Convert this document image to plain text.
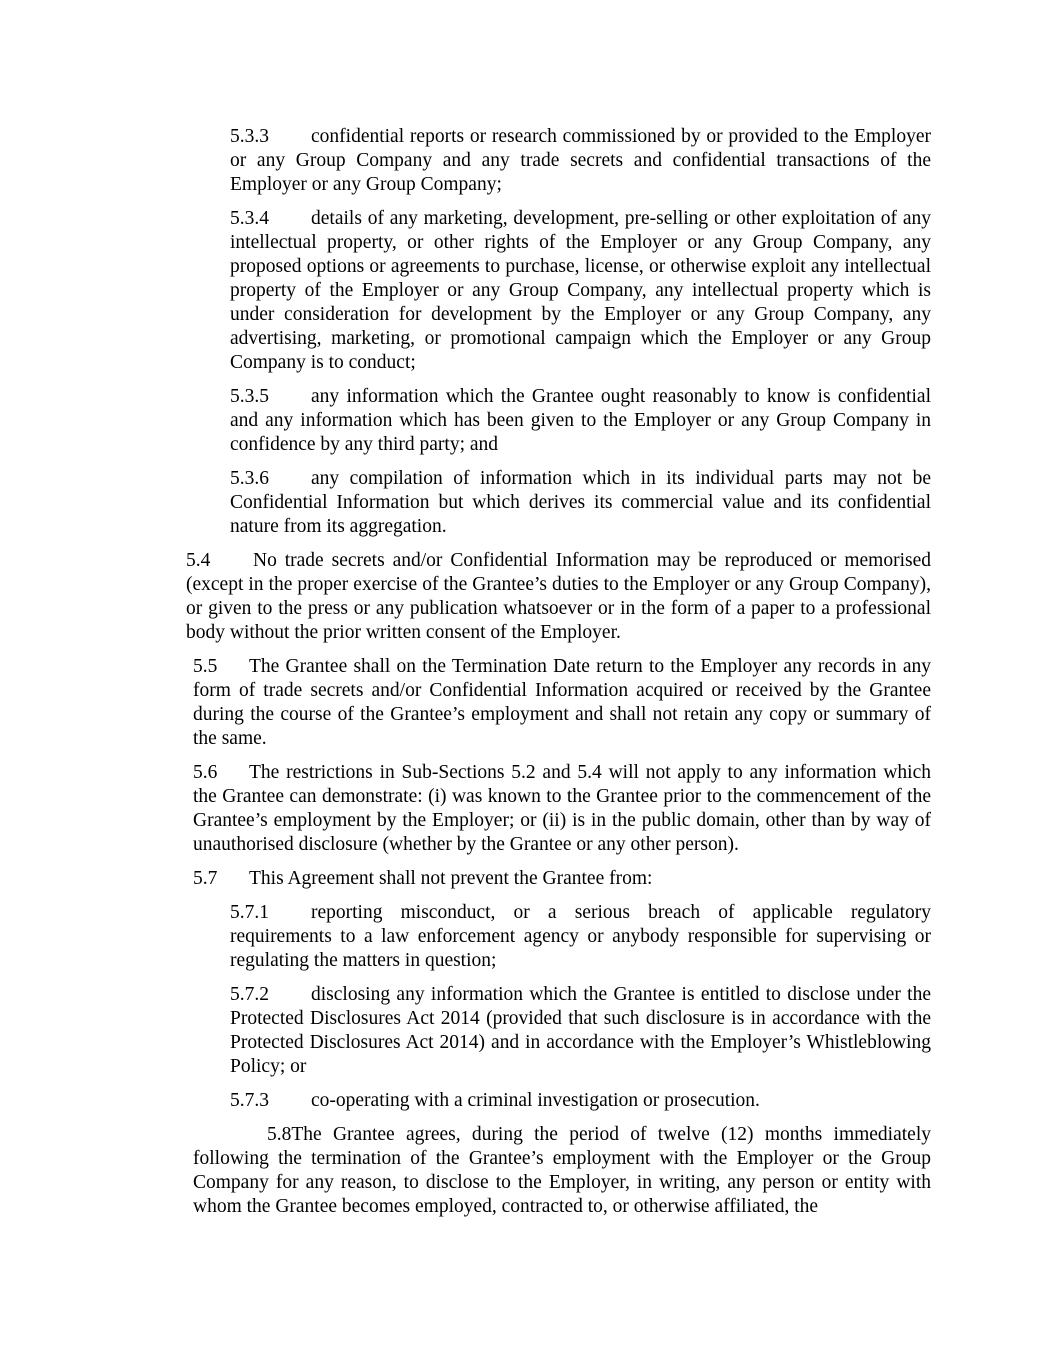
5.3.3 confidential reports or research commissioned by or provided to the Employer or any Group Company and any trade secrets and confidential transactions of the Employer or any Group Company;

5.3.4 details of any marketing, development, pre-selling or other exploitation of any intellectual property, or other rights of the Employer or any Group Company, any proposed options or agreements to purchase, license, or otherwise exploit any intellectual property of the Employer or any Group Company, any intellectual property which is under consideration for development by the Employer or any Group Company, any advertising, marketing, or promotional campaign which the Employer or any Group Company is to conduct;

5.3.5 any information which the Grantee ought reasonably to know is confidential and any information which has been given to the Employer or any Group Company in confidence by any third party; and

5.3.6 any compilation of information which in its individual parts may not be Confidential Information but which derives its commercial value and its confidential nature from its aggregation.

5.4 No trade secrets and/or Confidential Information may be reproduced or memorised (except in the proper exercise of the Grantee’s duties to the Employer or any Group Company), or given to the press or any publication whatsoever or in the form of a paper to a professional body without the prior written consent of the Employer.

5.5 The Grantee shall on the Termination Date return to the Employer any records in any form of trade secrets and/or Confidential Information acquired or received by the Grantee during the course of the Grantee’s employment and shall not retain any copy or summary of the same.

5.6 The restrictions in Sub-Sections 5.2 and 5.4 will not apply to any information which the Grantee can demonstrate: (i) was known to the Grantee prior to the commencement of the Grantee’s employment by the Employer; or (ii) is in the public domain, other than by way of unauthorised disclosure (whether by the Grantee or any other person).

5.7 This Agreement shall not prevent the Grantee from:

5.7.1 reporting misconduct, or a serious breach of applicable regulatory requirements to a law enforcement agency or anybody responsible for supervising or regulating the matters in question;

5.7.2 disclosing any information which the Grantee is entitled to disclose under the Protected Disclosures Act 2014 (provided that such disclosure is in accordance with the Protected Disclosures Act 2014) and in accordance with the Employer’s Whistleblowing Policy; or

5.7.3 co-operating with a criminal investigation or prosecution.

5.8The Grantee agrees, during the period of twelve (12) months immediately following the termination of the Grantee’s employment with the Employer or the Group Company for any reason, to disclose to the Employer, in writing, any person or entity with whom the Grantee becomes employed, contracted to, or otherwise affiliated, the
